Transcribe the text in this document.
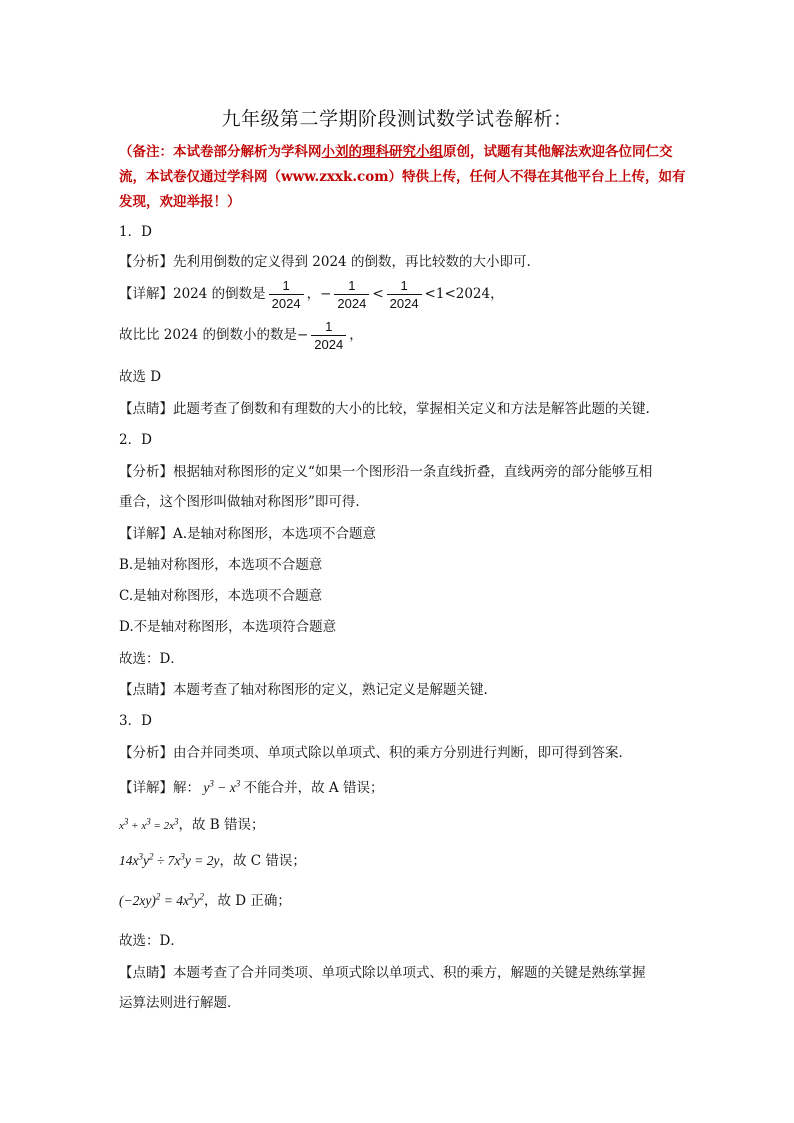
九年级第二学期阶段测试数学试卷解析：
（备注：本试卷部分解析为学科网小刘的理科研究小组原创，试题有其他解法欢迎各位同仁交流，本试卷仅通过学科网（www.zxxk.com）特供上传，任何人不得在其他平台上上传，如有发现，欢迎举报！）
1．D
【分析】先利用倒数的定义得到 2024 的倒数，再比较数的大小即可.
【详解】2024 的倒数是 $\frac{1}{2024}$ ，− $\frac{1}{2024} < \frac{1}{2024} <1<2024$，
故比比 2024 的倒数小的数是− $\frac{1}{2024}$ ，
故选 D
【点睛】此题考查了倒数和有理数的大小的比较，掌握相关定义和方法是解答此题的关键.
2．D
【分析】根据轴对称图形的定义“如果一个图形沿一条直线折叠，直线两旁的部分能够互相
重合，这个图形叫做轴对称图形”即可得.
【详解】A.是轴对称图形，本选项不合题意
B.是轴对称图形，本选项不合题意
C.是轴对称图形，本选项不合题意
D.不是轴对称图形，本选项符合题意
故选：D．
【点睛】本题考查了轴对称图形的定义，熟记定义是解题关键.
3．D
【分析】由合并同类项、单项式除以单项式、积的乘方分别进行判断，即可得到答案．
【详解】解： $y^3 - x^3$ 不能合并，故 A 错误；
$x^3 + x^3 = 2x^3$，故 B 错误；
$14x^3y^2 \div 7x^3y = 2y$，故 C 错误；
$(-2xy)^2 = 4x^2y^2$，故 D 正确；
故选：D．
【点睛】本题考查了合并同类项、单项式除以单项式、积的乘方，解题的关键是熟练掌握
运算法则进行解题．
